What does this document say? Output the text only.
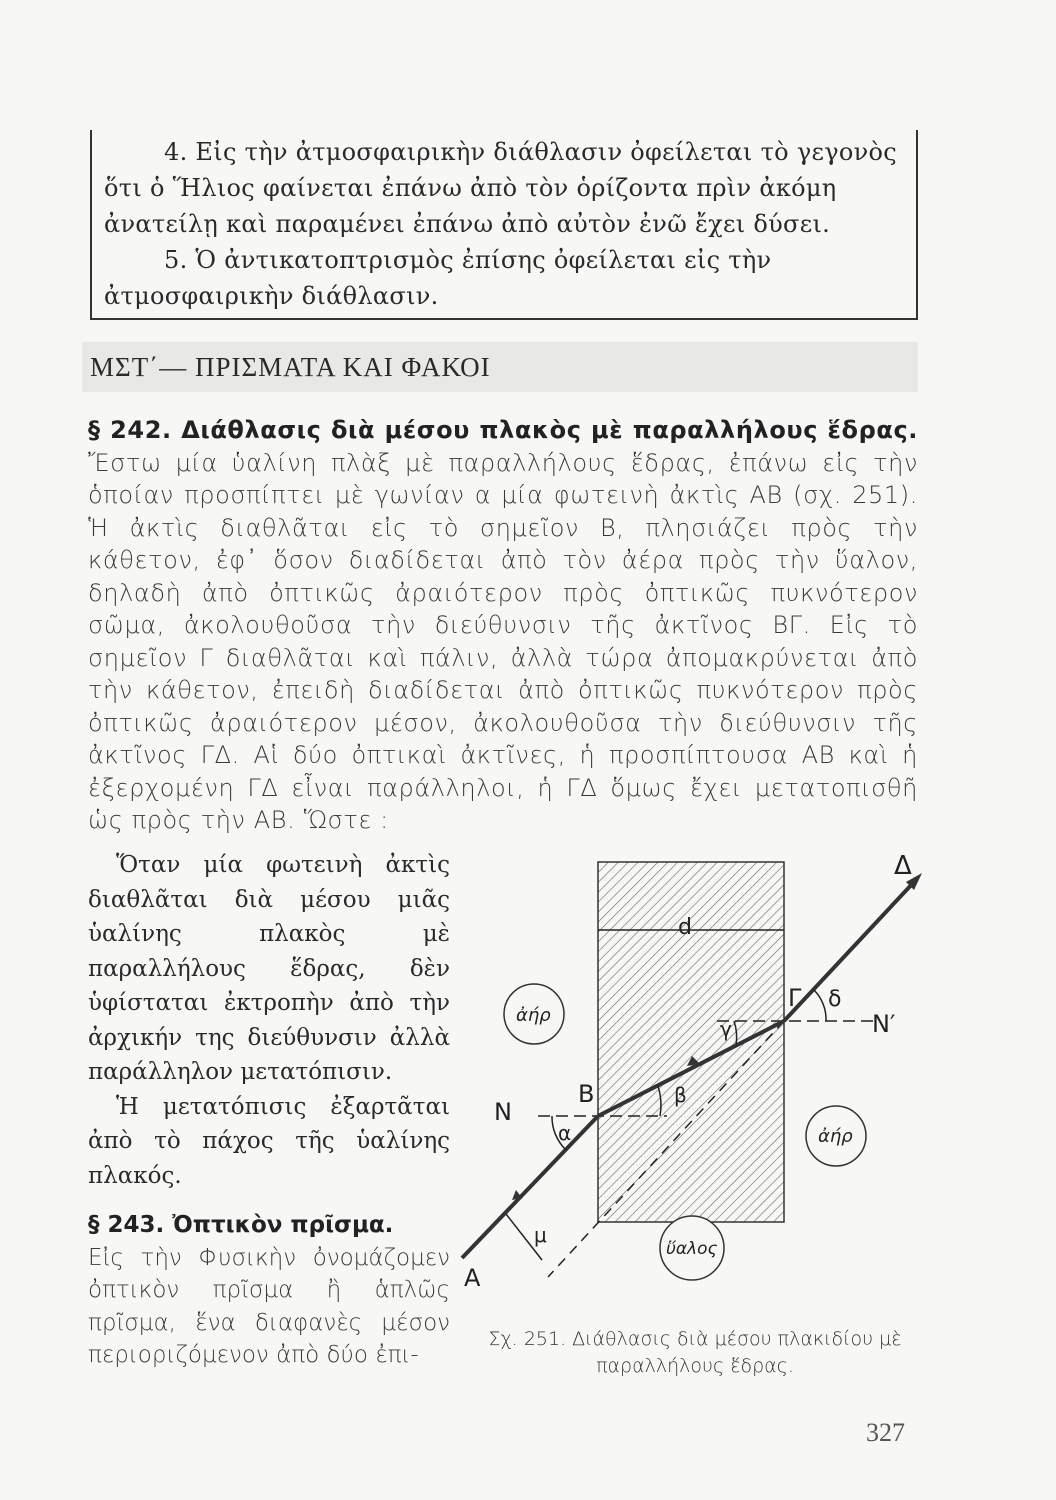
4. Εἰς τὴν ἀτμοσφαιρικὴν διάθλασιν ὀφείλεται τὸ γεγονὸς ὅτι ὁ Ἥλιος φαίνεται ἐπάνω ἀπὸ τὸν ὁρίζοντα πρὶν ἀκόμη ἀνατείλῃ καὶ παραμένει ἐπάνω ἀπὸ αὐτὸν ἐνῶ ἔχει δύσει.

5. Ὁ ἀντικατοπτρισμὸς ἐπίσης ὀφείλεται εἰς τὴν ἀτμοσφαιρικὴν διάθλασιν.

ΜΣΤ΄— ΠΡΙΣΜΑΤΑ ΚΑΙ ΦΑΚΟΙ
§ 242. Διάθλασις διὰ μέσου πλακὸς μὲ παραλλήλους ἕδρας. Ἔστω μία ὑαλίνη πλὰξ μὲ παραλλήλους ἕδρας, ἐπάνω εἰς τὴν ὁποίαν προσπίπτει μὲ γωνίαν α μία φωτεινὴ ἀκτὶς ΑΒ (σχ. 251). Ἡ ἀκτὶς διαθλᾶται εἰς τὸ σημεῖον Β, πλησιάζει πρὸς τὴν κάθετον, ἐφ᾽ ὅσον διαδίδεται ἀπὸ τὸν ἀέρα πρὸς τὴν ὕαλον, δηλαδὴ ἀπὸ ὀπτικῶς ἀραιότερον πρὸς ὀπτικῶς πυκνότερον σῶμα, ἀκολουθοῦσα τὴν διεύθυνσιν τῆς ἀκτῖνος ΒΓ. Εἰς τὸ σημεῖον Γ διαθλᾶται καὶ πάλιν, ἀλλὰ τώρα ἀπομακρύνεται ἀπὸ τὴν κάθετον, ἐπειδὴ διαδίδεται ἀπὸ ὀπτικῶς πυκνότερον πρὸς ὀπτικῶς ἀραιότερον μέσον, ἀκολουθοῦσα τὴν διεύθυνσιν τῆς ἀκτῖνος ΓΔ. Αἱ δύο ὀπτικαὶ ἀκτῖνες, ἡ προσπίπτουσα ΑΒ καὶ ἡ ἐξερχομένη ΓΔ εἶναι παράλληλοι, ἡ ΓΔ ὅμως ἔχει μετατοπισθῆ ὡς πρὸς τὴν ΑΒ. Ὥστε :

Ὅταν μία φωτεινὴ ἀκτὶς διαθλᾶται διὰ μέσου μιᾶς ὑαλίνης πλακὸς μὲ παραλλήλους ἕδρας, δὲν ὑφίσταται ἐκτροπὴν ἀπὸ τὴν ἀρχικήν της διεύθυνσιν ἀλλὰ παράλληλον μετατόπισιν.

Ἡ μετατόπισις ἐξαρτᾶται ἀπὸ τὸ πάχος τῆς ὑαλίνης πλακός.

§ 243. Ὀπτικὸν πρῖσμα.
Εἰς τὴν Φυσικὴν ὀνομάζομεν ὀπτικὸν πρῖσμα ἢ ἁπλῶς πρῖσμα, ἕνα διαφανὲς μέσον περιοριζόμενον ἀπὸ δύο ἐπι-

d
μ
α
β
γ
δ
Α
B
Γ
Δ
N
N′
ἀήρ
ἀήρ
ὕαλος
Σχ. 251. Διάθλασις διὰ μέσου πλακιδίου μὲ παραλλήλους ἕδρας.
327
